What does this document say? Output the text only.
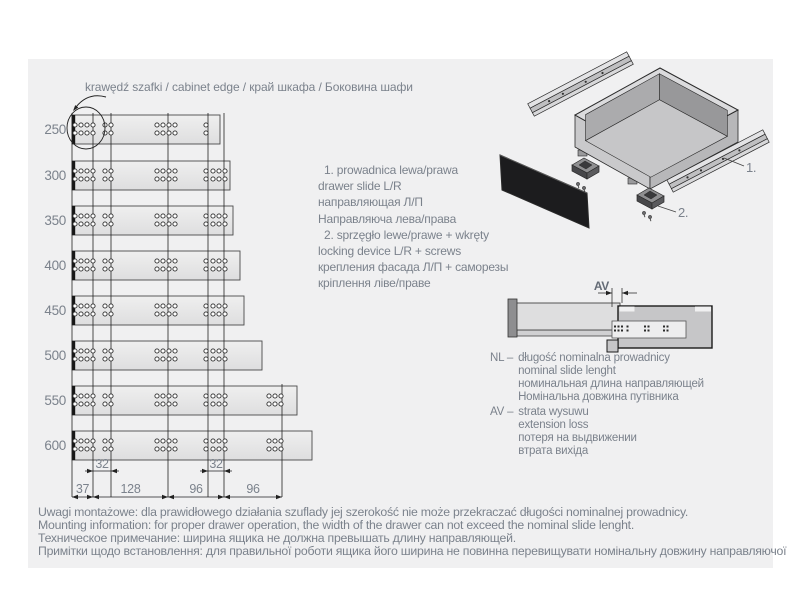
krawędź szafki / cabinet edge / край шкафа / Боковина шафи
250
300
350
400
450
500
550
600
32	32
37	128	96	96
1.
2.
AV
1. prowadnica lewa/prawa
drawer slide L/R
направляющая Л/П
Направляюча лева/права
2. sprzęgło lewe/prawe + wkręty
locking device L/R + screws
крепления фасада Л/П + саморезы
кріплення ліве/праве
NL – długość nominalna prowadnicy
nominal slide lenght
номинальная длина направляющей
Номінальна довжина путівника
AV – strata wysuwu
extension loss
потеря на выдвижении
втрата вихіда
Uwagi montażowe: dla prawidłowego działania szuflady jej szerokość nie może przekraczać długości nominalnej prowadnicy.
Mounting information: for proper drawer operation, the width of the drawer can not exceed the nominal slide lenght.
Техническое примечание: ширина ящика не должна превышать длину направляющей.
Примітки щодо встановлення: для правильної роботи ящика його ширина не повинна перевищувати номінальну довжину направляючої
